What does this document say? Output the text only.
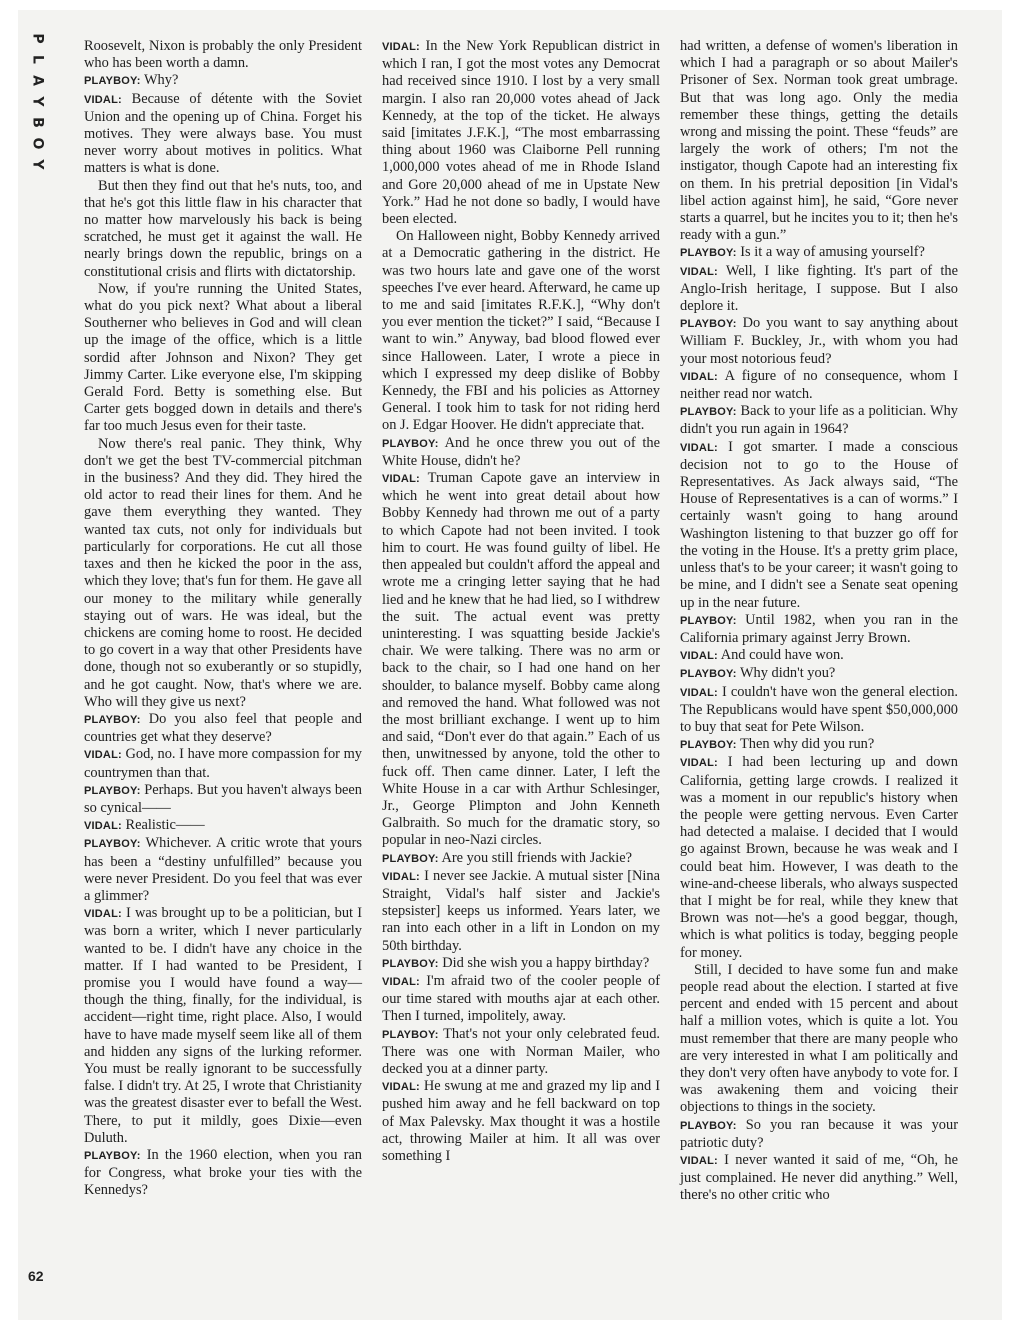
P
L
A
Y
B
O
Y
62

Roosevelt, Nixon is probably the only President who has been worth a damn.

PLAYBOY: Why?

VIDAL: Because of détente with the Soviet Union and the opening up of China. Forget his motives. They were always base. You must never worry about motives in politics. What matters is what is done.

But then they find out that he's nuts, too, and that he's got this little flaw in his character that no matter how marvelously his back is being scratched, he must get it against the wall. He nearly brings down the republic, brings on a constitutional crisis and flirts with dictatorship.

Now, if you're running the United States, what do you pick next? What about a liberal Southerner who believes in God and will clean up the image of the office, which is a little sordid after Johnson and Nixon? They get Jimmy Carter. Like everyone else, I'm skipping Gerald Ford. Betty is something else. But Carter gets bogged down in details and there's far too much Jesus even for their taste.

Now there's real panic. They think, Why don't we get the best TV-commercial pitchman in the business? And they did. They hired the old actor to read their lines for them. And he gave them everything they wanted. They wanted tax cuts, not only for individuals but particularly for corporations. He cut all those taxes and then he kicked the poor in the ass, which they love; that's fun for them. He gave all our money to the military while generally staying out of wars. He was ideal, but the chickens are coming home to roost. He decided to go covert in a way that other Presidents have done, though not so exuberantly or so stupidly, and he got caught. Now, that's where we are. Who will they give us next?

PLAYBOY: Do you also feel that people and countries get what they deserve?

VIDAL: God, no. I have more compassion for my countrymen than that.

PLAYBOY: Perhaps. But you haven't always been so cynical——

VIDAL: Realistic——

PLAYBOY: Whichever. A critic wrote that yours has been a “destiny unfulfilled” because you were never President. Do you feel that was ever a glimmer?

VIDAL: I was brought up to be a politician, but I was born a writer, which I never particularly wanted to be. I didn't have any choice in the matter. If I had wanted to be President, I promise you I would have found a way—though the thing, finally, for the individual, is accident—right time, right place. Also, I would have to have made myself seem like all of them and hidden any signs of the lurking reformer. You must be really ignorant to be successfully false. I didn't try. At 25, I wrote that Christianity was the greatest disaster ever to befall the West. There, to put it mildly, goes Dixie—even Duluth.

PLAYBOY: In the 1960 election, when you ran for Congress, what broke your ties with the Kennedys?

VIDAL: In the New York Republican district in which I ran, I got the most votes any Democrat had received since 1910. I lost by a very small margin. I also ran 20,000 votes ahead of Jack Kennedy, at the top of the ticket. He always said [imitates J.F.K.], “The most embarrassing thing about 1960 was Claiborne Pell running 1,000,000 votes ahead of me in Rhode Island and Gore 20,000 ahead of me in Upstate New York.” Had he not done so badly, I would have been elected.

On Halloween night, Bobby Kennedy arrived at a Democratic gathering in the district. He was two hours late and gave one of the worst speeches I've ever heard. Afterward, he came up to me and said [imitates R.F.K.], “Why don't you ever mention the ticket?” I said, “Because I want to win.” Anyway, bad blood flowed ever since Halloween. Later, I wrote a piece in which I expressed my deep dislike of Bobby Kennedy, the FBI and his policies as Attorney General. I took him to task for not riding herd on J. Edgar Hoover. He didn't appreciate that.

PLAYBOY: And he once threw you out of the White House, didn't he?

VIDAL: Truman Capote gave an interview in which he went into great detail about how Bobby Kennedy had thrown me out of a party to which Capote had not been invited. I took him to court. He was found guilty of libel. He then appealed but couldn't afford the appeal and wrote me a cringing letter saying that he had lied and he knew that he had lied, so I withdrew the suit. The actual event was pretty uninteresting. I was squatting beside Jackie's chair. We were talking. There was no arm or back to the chair, so I had one hand on her shoulder, to balance myself. Bobby came along and removed the hand. What followed was not the most brilliant exchange. I went up to him and said, “Don't ever do that again.” Each of us then, unwitnessed by anyone, told the other to fuck off. Then came dinner. Later, I left the White House in a car with Arthur Schlesinger, Jr., George Plimpton and John Kenneth Galbraith. So much for the dramatic story, so popular in neo-Nazi circles.

PLAYBOY: Are you still friends with Jackie?

VIDAL: I never see Jackie. A mutual sister [Nina Straight, Vidal's half sister and Jackie's stepsister] keeps us informed. Years later, we ran into each other in a lift in London on my 50th birthday.

PLAYBOY: Did she wish you a happy birthday?

VIDAL: I'm afraid two of the cooler people of our time stared with mouths ajar at each other. Then I turned, impolitely, away.

PLAYBOY: That's not your only celebrated feud. There was one with Norman Mailer, who decked you at a dinner party.

VIDAL: He swung at me and grazed my lip and I pushed him away and he fell backward on top of Max Palevsky. Max thought it was a hostile act, throwing Mailer at him. It all was over something I

had written, a defense of women's liberation in which I had a paragraph or so about Mailer's Prisoner of Sex. Norman took great umbrage. But that was long ago. Only the media remember these things, getting the details wrong and missing the point. These “feuds” are largely the work of others; I'm not the instigator, though Capote had an interesting fix on them. In his pretrial deposition [in Vidal's libel action against him], he said, “Gore never starts a quarrel, but he incites you to it; then he's ready with a gun.”

PLAYBOY: Is it a way of amusing yourself?

VIDAL: Well, I like fighting. It's part of the Anglo-Irish heritage, I suppose. But I also deplore it.

PLAYBOY: Do you want to say anything about William F. Buckley, Jr., with whom you had your most notorious feud?

VIDAL: A figure of no consequence, whom I neither read nor watch.

PLAYBOY: Back to your life as a politician. Why didn't you run again in 1964?

VIDAL: I got smarter. I made a conscious decision not to go to the House of Representatives. As Jack always said, “The House of Representatives is a can of worms.” I certainly wasn't going to hang around Washington listening to that buzzer go off for the voting in the House. It's a pretty grim place, unless that's to be your career; it wasn't going to be mine, and I didn't see a Senate seat opening up in the near future.

PLAYBOY: Until 1982, when you ran in the California primary against Jerry Brown.

VIDAL: And could have won.

PLAYBOY: Why didn't you?

VIDAL: I couldn't have won the general election. The Republicans would have spent $50,000,000 to buy that seat for Pete Wilson.

PLAYBOY: Then why did you run?

VIDAL: I had been lecturing up and down California, getting large crowds. I realized it was a moment in our republic's history when the people were getting nervous. Even Carter had detected a malaise. I decided that I would go against Brown, because he was weak and I could beat him. However, I was death to the wine-and-cheese liberals, who always suspected that I might be for real, while they knew that Brown was not—he's a good beggar, though, which is what politics is today, begging people for money.

Still, I decided to have some fun and make people read about the election. I started at five percent and ended with 15 percent and about half a million votes, which is quite a lot. You must remember that there are many people who are very interested in what I am politically and they don't very often have anybody to vote for. I was awakening them and voicing their objections to things in the society.

PLAYBOY: So you ran because it was your patriotic duty?

VIDAL: I never wanted it said of me, “Oh, he just complained. He never did anything.” Well, there's no other critic who
